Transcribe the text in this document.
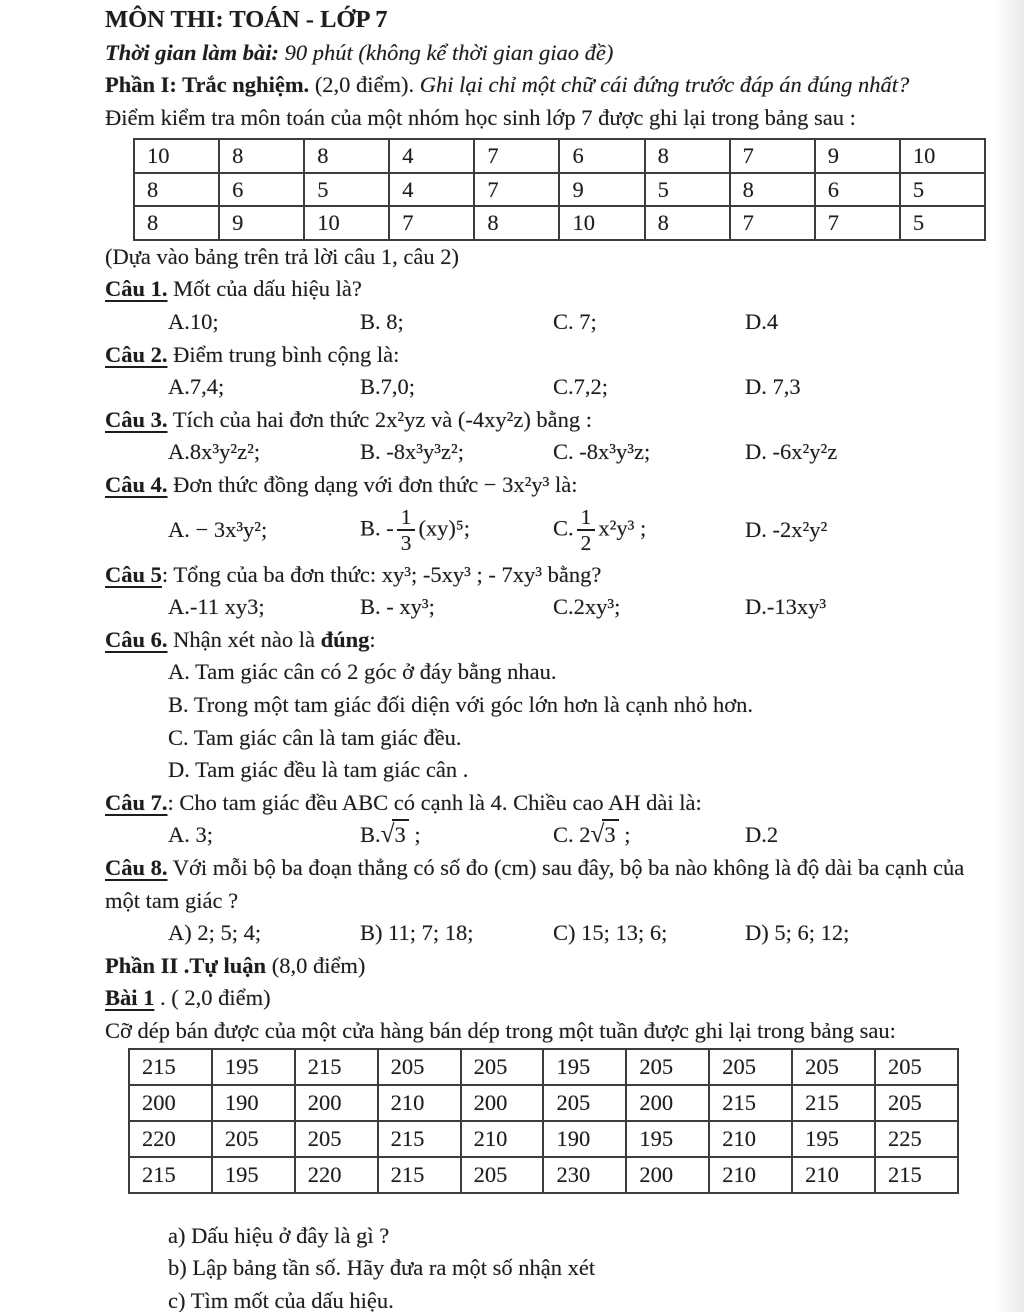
MÔN THI: TOÁN - LỚP 7
Thời gian làm bài: 90 phút (không kể thời gian giao đề)
Phần I: Trắc nghiệm. (2,0 điểm). Ghi lại chỉ một chữ cái đứng trước đáp án đúng nhất?
Điểm kiểm tra môn toán của một nhóm học sinh lớp 7 được ghi lại trong bảng sau :
10	8	8	4	7	6	8	7	9	10
8	6	5	4	7	9	5	8	6	5
8	9	10	7	8	10	8	7	7	5
(Dựa vào bảng trên trả lời câu 1, câu 2)
Câu 1. Mốt của dấu hiệu là?
A.10;	B. 8;	C. 7;	D.4
Câu 2. Điểm trung bình cộng là:
A.7,4;	B.7,0;	C.7,2;	D. 7,3
Câu 3. Tích của hai đơn thức 2x²yz và (-4xy²z) bằng :
A.8x³y²z²;	B. -8x³y³z²;	C. -8x³y³z;	D. -6x²y²z
Câu 4. Đơn thức đồng dạng với đơn thức − 3x²y³ là:
A. − 3x³y²;	B. - $\frac{1}{3} (xy)^5$;	C. $\frac{1}{2} x^2y^3$ ;	D. -2x²y²
Câu 5: Tổng của ba đơn thức: xy³; -5xy³ ; - 7xy³ bằng?
A.-11 xy3;	B. - xy³;	C.2xy³;	D.-13xy³
Câu 6. Nhận xét nào là đúng:
A. Tam giác cân có 2 góc ở đáy bằng nhau.
B. Trong một tam giác đối diện với góc lớn hơn là cạnh nhỏ hơn.
C. Tam giác cân là tam giác đều.
D. Tam giác đều là tam giác cân .
Câu 7.: Cho tam giác đều ABC có cạnh là 4. Chiều cao AH dài là:
A. 3;	B.√3 ;	C. 2√3 ;	D.2
Câu 8. Với mỗi bộ ba đoạn thẳng có số đo (cm) sau đây, bộ ba nào không là độ dài ba cạnh của
một tam giác ?
A) 2; 5; 4;	B) 11; 7; 18;	C) 15; 13; 6;	D) 5; 6; 12;
Phần II .Tự luận (8,0 điểm)
Bài 1 . ( 2,0 điểm)
Cỡ dép bán được của một cửa hàng bán dép trong một tuần được ghi lại trong bảng sau:
215	195	215	205	205	195	205	205	205	205
200	190	200	210	200	205	200	215	215	205
220	205	205	215	210	190	195	210	195	225
215	195	220	215	205	230	200	210	210	215
a) Dấu hiệu ở đây là gì ?
b) Lập bảng tần số. Hãy đưa ra một số nhận xét
c) Tìm mốt của dấu hiệu.
